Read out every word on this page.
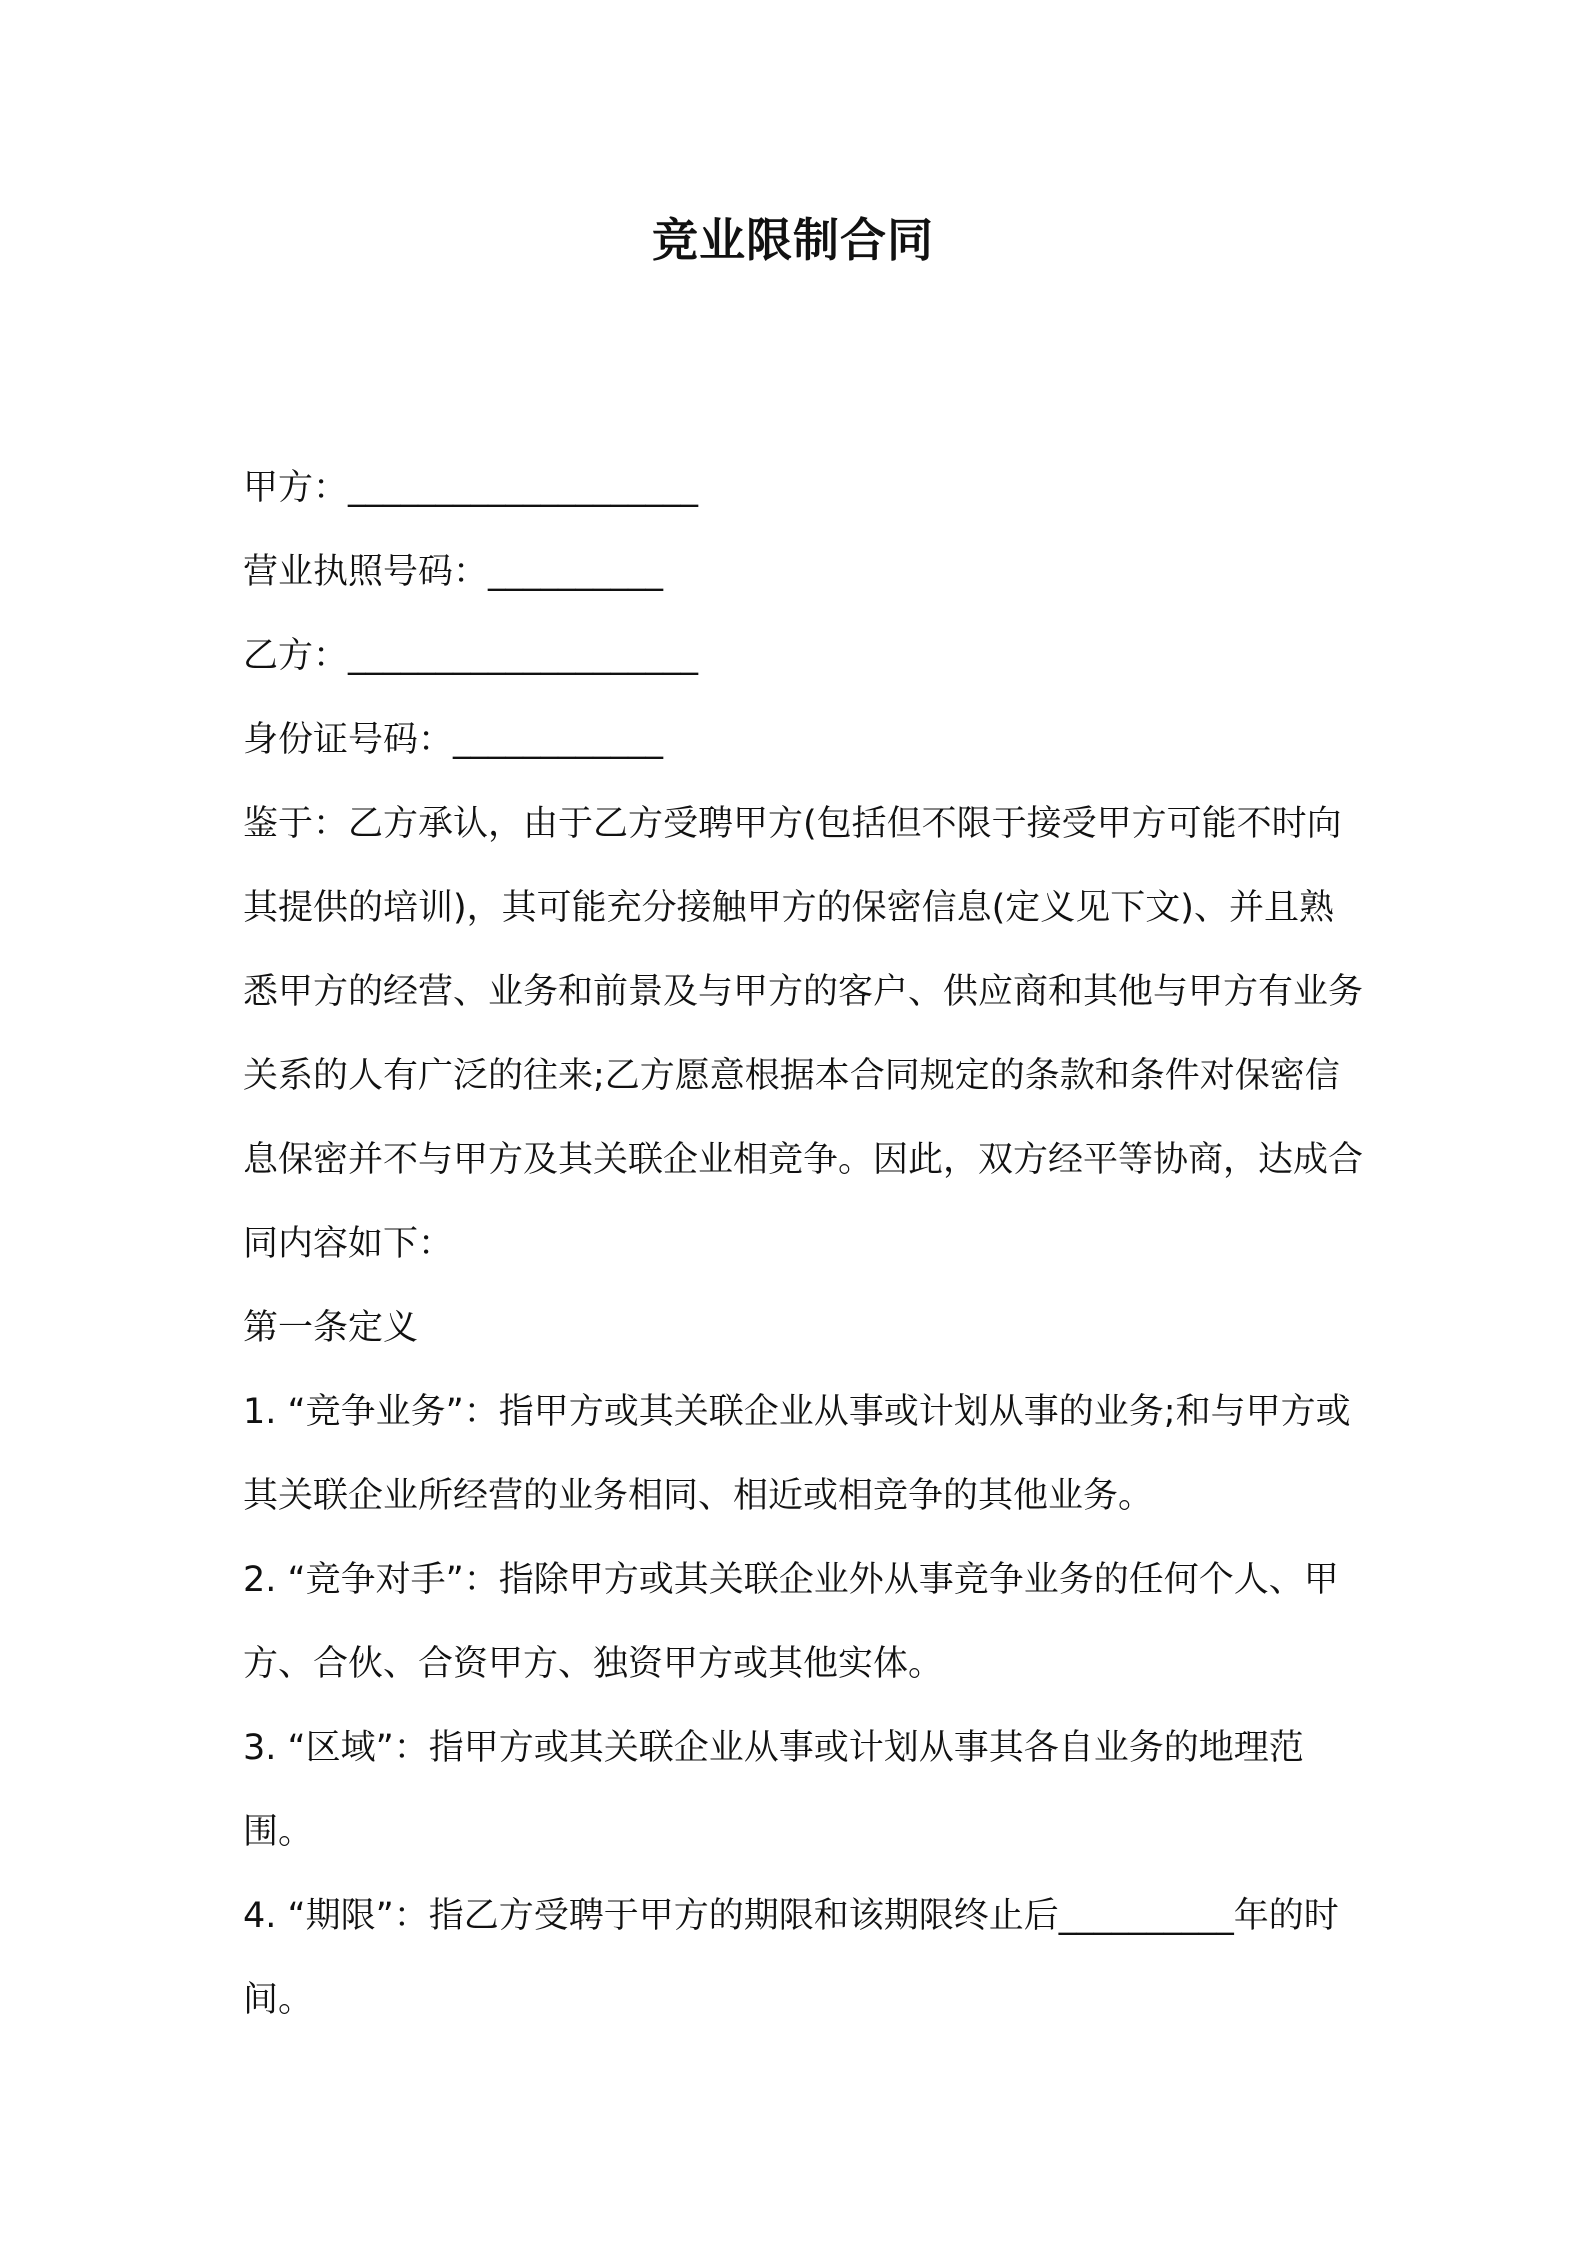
竞业限制合同

甲方：____________________

营业执照号码：__________

乙方：____________________

身份证号码：____________

鉴于：乙方承认，由于乙方受聘甲方(包括但不限于接受甲方可能不时向其提供的培训)，其可能充分接触甲方的保密信息(定义见下文)、并且熟悉甲方的经营、业务和前景及与甲方的客户、供应商和其他与甲方有业务关系的人有广泛的往来;乙方愿意根据本合同规定的条款和条件对保密信息保密并不与甲方及其关联企业相竞争。因此，双方经平等协商，达成合同内容如下：

第一条定义

1. “竞争业务”：指甲方或其关联企业从事或计划从事的业务;和与甲方或其关联企业所经营的业务相同、相近或相竞争的其他业务。

2. “竞争对手”：指除甲方或其关联企业外从事竞争业务的任何个人、甲方、合伙、合资甲方、独资甲方或其他实体。

3. “区域”：指甲方或其关联企业从事或计划从事其各自业务的地理范围。

4. “期限”：指乙方受聘于甲方的期限和该期限终止后__________年的时间。
